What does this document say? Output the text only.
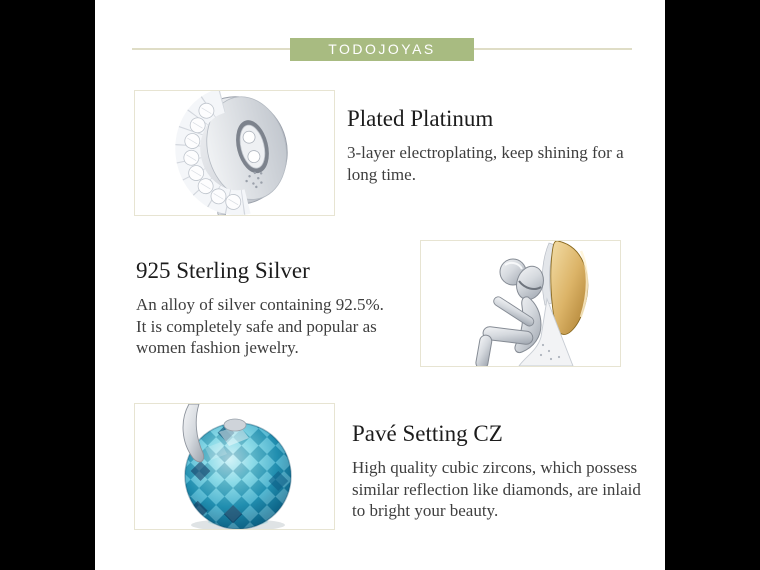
TODOJOYAS
Plated Platinum
3-layer electroplating, keep shining for a
long time.
925 Sterling Silver
An alloy of silver containing 92.5%.
It is completely safe and popular as
women fashion jewelry.
Pavé Setting CZ
High quality cubic zircons, which possess
similar reflection like diamonds, are inlaid
to bright your beauty.
